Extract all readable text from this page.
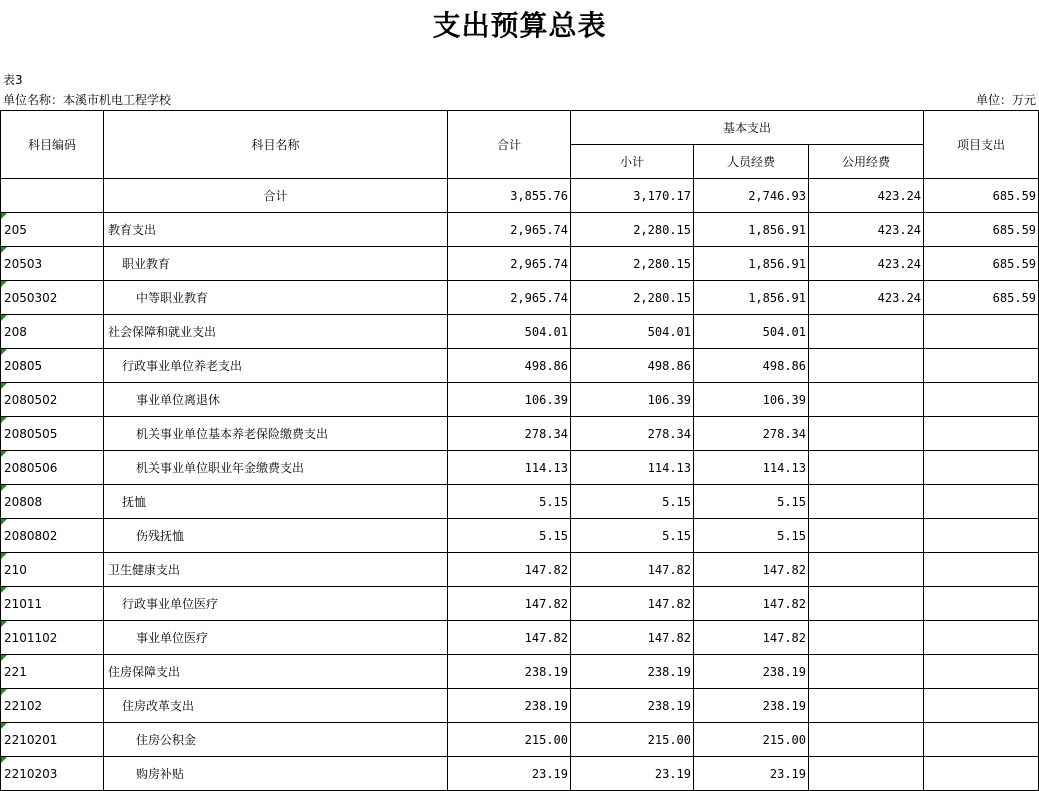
支出预算总表
表3
单位名称：本溪市机电工程学校	单位：万元
科目编码	科目名称	合计	基本支出			项目支出
			小计	人员经费	公用经费	
	合计	3,855.76	3,170.17	2,746.93	423.24	685.59
205	教育支出	2,965.74	2,280.15	1,856.91	423.24	685.59
20503	职业教育	2,965.74	2,280.15	1,856.91	423.24	685.59
2050302	中等职业教育	2,965.74	2,280.15	1,856.91	423.24	685.59
208	社会保障和就业支出	504.01	504.01	504.01		
20805	行政事业单位养老支出	498.86	498.86	498.86		
2080502	事业单位离退休	106.39	106.39	106.39		
2080505	机关事业单位基本养老保险缴费支出	278.34	278.34	278.34		
2080506	机关事业单位职业年金缴费支出	114.13	114.13	114.13		
20808	抚恤	5.15	5.15	5.15		
2080802	伤残抚恤	5.15	5.15	5.15		
210	卫生健康支出	147.82	147.82	147.82		
21011	行政事业单位医疗	147.82	147.82	147.82		
2101102	事业单位医疗	147.82	147.82	147.82		
221	住房保障支出	238.19	238.19	238.19		
22102	住房改革支出	238.19	238.19	238.19		
2210201	住房公积金	215.00	215.00	215.00		
2210203	购房补贴	23.19	23.19	23.19		
